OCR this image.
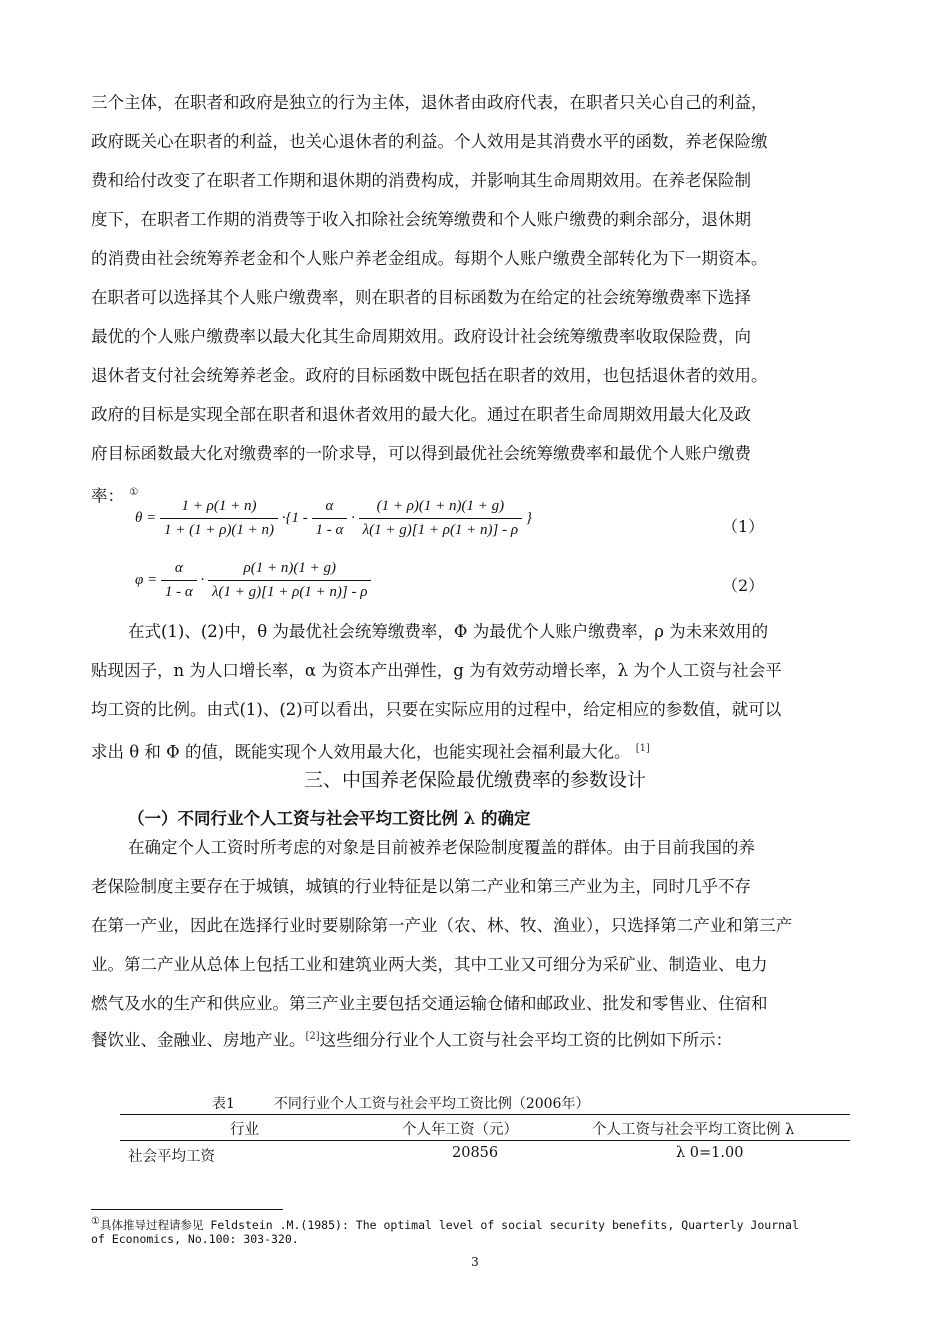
三个主体，在职者和政府是独立的行为主体，退休者由政府代表，在职者只关心自己的利益，
政府既关心在职者的利益，也关心退休者的利益。个人效用是其消费水平的函数，养老保险缴
费和给付改变了在职者工作期和退休期的消费构成，并影响其生命周期效用。在养老保险制
度下，在职者工作期的消费等于收入扣除社会统筹缴费和个人账户缴费的剩余部分，退休期
的消费由社会统筹养老金和个人账户养老金组成。每期个人账户缴费全部转化为下一期资本。
在职者可以选择其个人账户缴费率，则在职者的目标函数为在给定的社会统筹缴费率下选择
最优的个人账户缴费率以最大化其生命周期效用。政府设计社会统筹缴费率收取保险费，向
退休者支付社会统筹养老金。政府的目标函数中既包括在职者的效用，也包括退休者的效用。
政府的目标是实现全部在职者和退休者效用的最大化。通过在职者生命周期效用最大化及政
府目标函数最大化对缴费率的一阶求导，可以得到最优社会统筹缴费率和最优个人账户缴费
率： ①
$\theta = \frac{1 + \rho(1 + n)}{1 + (1 + \rho)(1 + n)} \cdot\{1 - \frac{\alpha}{1 - \alpha} \cdot \frac{(1 + \rho)(1 + n)(1 + g)}{\lambda(1 + g)[1 + \rho(1 + n)] - \rho}$ }	（1）
$\varphi = \frac{\alpha}{1 - \alpha} \cdot \frac{\rho(1 + n)(1 + g)}{\lambda(1 + g)[1 + \rho(1 + n)] - \rho}$	（2）
在式(1)、(2)中，θ 为最优社会统筹缴费率，Φ 为最优个人账户缴费率，ρ 为未来效用的
贴现因子，n 为人口增长率，α 为资本产出弹性，g 为有效劳动增长率，λ 为个人工资与社会平
均工资的比例。由式(1)、(2)可以看出，只要在实际应用的过程中，给定相应的参数值，就可以
求出 θ 和 Φ 的值，既能实现个人效用最大化，也能实现社会福利最大化。 [1]
三、中国养老保险最优缴费率的参数设计
（一）不同行业个人工资与社会平均工资比例 λ 的确定
在确定个人工资时所考虑的对象是目前被养老保险制度覆盖的群体。由于目前我国的养
老保险制度主要存在于城镇，城镇的行业特征是以第二产业和第三产业为主，同时几乎不存
在第一产业，因此在选择行业时要剔除第一产业（农、林、牧、渔业），只选择第二产业和第三产
业。第二产业从总体上包括工业和建筑业两大类，其中工业又可细分为采矿业、制造业、电力
燃气及水的生产和供应业。第三产业主要包括交通运输仓储和邮政业、批发和零售业、住宿和
餐饮业、金融业、房地产业。[2]这些细分行业个人工资与社会平均工资的比例如下所示：
表1	不同行业个人工资与社会平均工资比例（2006年）
行业	个人年工资（元）	个人工资与社会平均工资比例 λ
社会平均工资	20856	λ 0=1.00
①具体推导过程请参见 Feldstein .M.(1985): The optimal level of social security benefits, Quarterly Journal
of Economics, No.100: 303-320.
3
